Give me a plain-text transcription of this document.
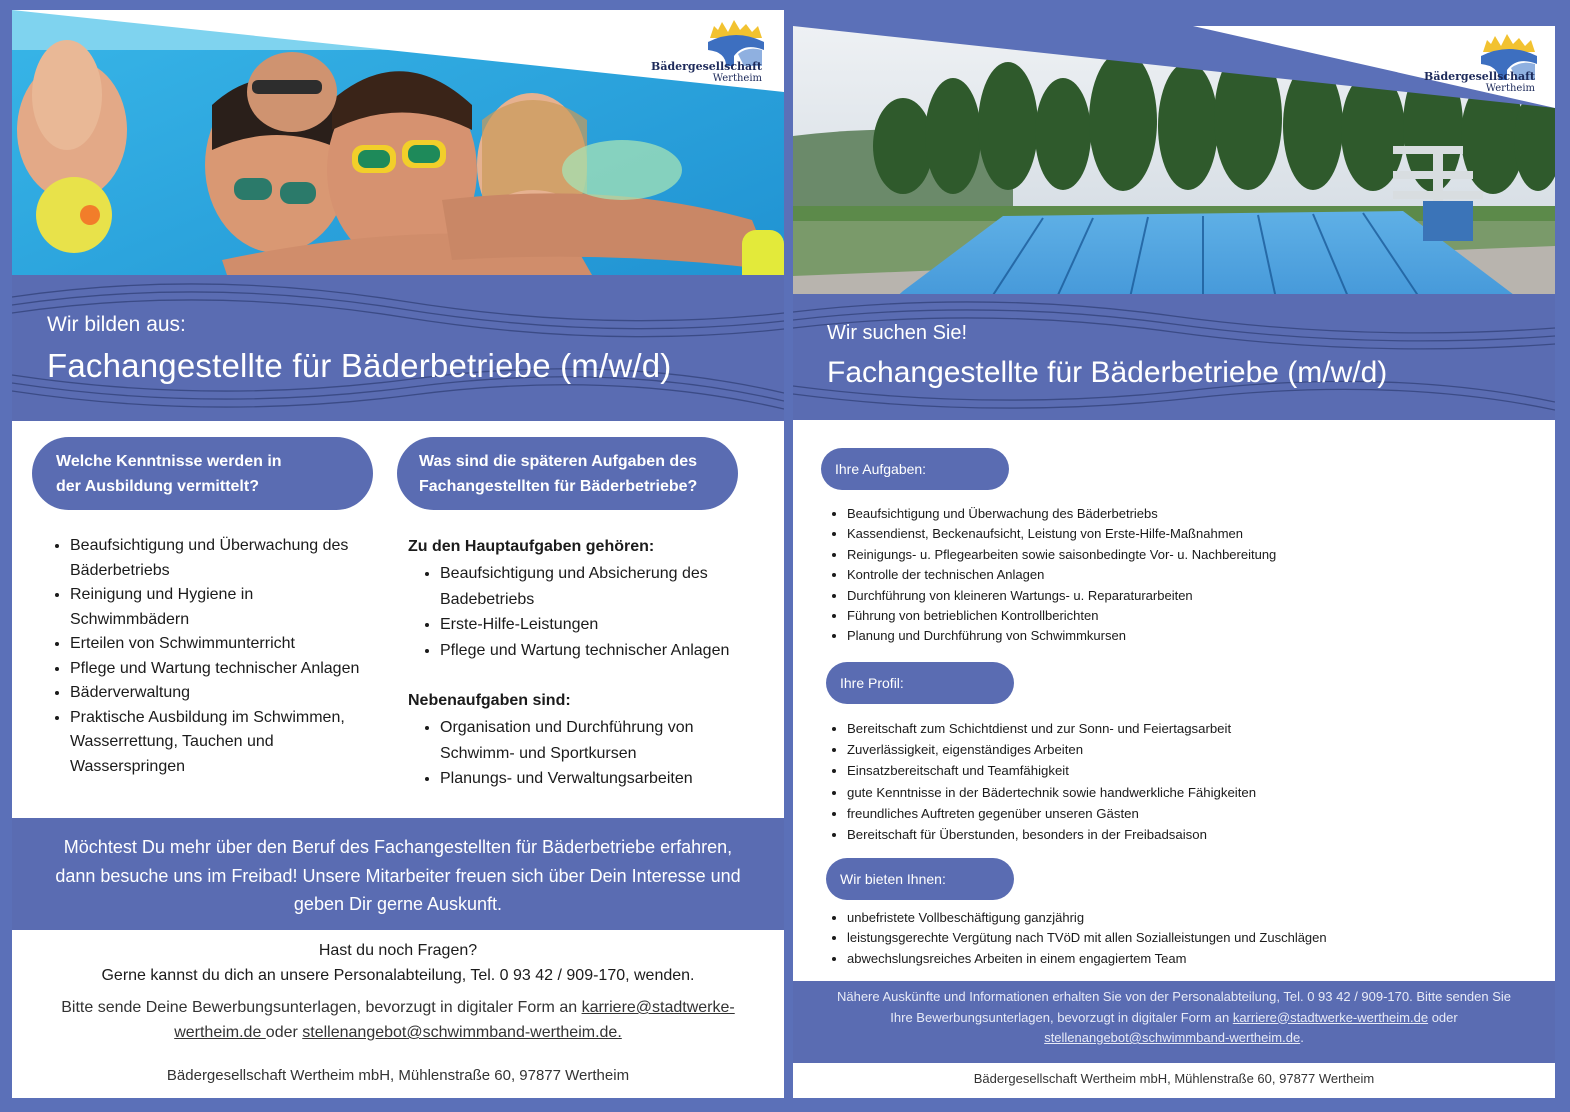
Bädergesellschaft
Wertheim

Wir bilden aus:

Fachangestellte für Bäderbetriebe (m/w/d)
Welche Kenntnisse werden in
der Ausbildung vermittelt?
Was sind die späteren Aufgaben des
Fachangestellten für Bäderbetriebe?
• Beaufsichtigung und Überwachung des Bäderbetriebs
• Reinigung und Hygiene in Schwimmbädern
• Erteilen von Schwimmunterricht
• Pflege und Wartung technischer Anlagen
• Bäderverwaltung
• Praktische Ausbildung im Schwimmen, Wasserrettung, Tauchen und Wasserspringen

Zu den Hauptaufgaben gehören:

• Beaufsichtigung und Absicherung des Badebetriebs
• Erste-Hilfe-Leistungen
• Pflege und Wartung technischer Anlagen

Nebenaufgaben sind:

• Organisation und Durchführung von Schwimm- und Sportkursen
• Planungs- und Verwaltungsarbeiten
Möchtest Du mehr über den Beruf des Fachangestellten für Bäderbetriebe erfahren,
dann besuche uns im Freibad! Unsere Mitarbeiter freuen sich über Dein Interesse und
geben Dir gerne Auskunft.
Hast du noch Fragen?
Gerne kannst du dich an unsere Personalabteilung, Tel. 0 93 42 / 909-170, wenden.
Bitte sende Deine Bewerbungsunterlagen, bevorzugt in digitaler Form an karriere@stadtwerke-
wertheim.de oder stellenangebot@schwimmband-wertheim.de.
Bädergesellschaft Wertheim mbH, Mühlenstraße 60, 97877 Wertheim
Bädergesellschaft
Wertheim

Wir suchen Sie!

Fachangestellte für Bäderbetriebe (m/w/d)
Ihre Aufgaben:
• Beaufsichtigung und Überwachung des Bäderbetriebs
• Kassendienst, Beckenaufsicht, Leistung von Erste-Hilfe-Maßnahmen
• Reinigungs- u. Pflegearbeiten sowie saisonbedingte Vor- u. Nachbereitung
• Kontrolle der technischen Anlagen
• Durchführung von kleineren Wartungs- u. Reparaturarbeiten
• Führung von betrieblichen Kontrollberichten
• Planung und Durchführung von Schwimmkursen
Ihre Profil:
• Bereitschaft zum Schichtdienst und zur Sonn- und Feiertagsarbeit
• Zuverlässigkeit, eigenständiges Arbeiten
• Einsatzbereitschaft und Teamfähigkeit
• gute Kenntnisse in der Bädertechnik sowie handwerkliche Fähigkeiten
• freundliches Auftreten gegenüber unseren Gästen
• Bereitschaft für Überstunden, besonders in der Freibadsaison
Wir bieten Ihnen:
• unbefristete Vollbeschäftigung ganzjährig
• leistungsgerechte Vergütung nach TVöD mit allen Sozialleistungen und Zuschlägen
• abwechslungsreiches Arbeiten in einem engagiertem Team
Nähere Auskünfte und Informationen erhalten Sie von der Personalabteilung, Tel. 0 93 42 / 909-170. Bitte senden Sie
Ihre Bewerbungsunterlagen, bevorzugt in digitaler Form an karriere@stadtwerke-wertheim.de oder
stellenangebot@schwimmband-wertheim.de.
Bädergesellschaft Wertheim mbH, Mühlenstraße 60, 97877 Wertheim
